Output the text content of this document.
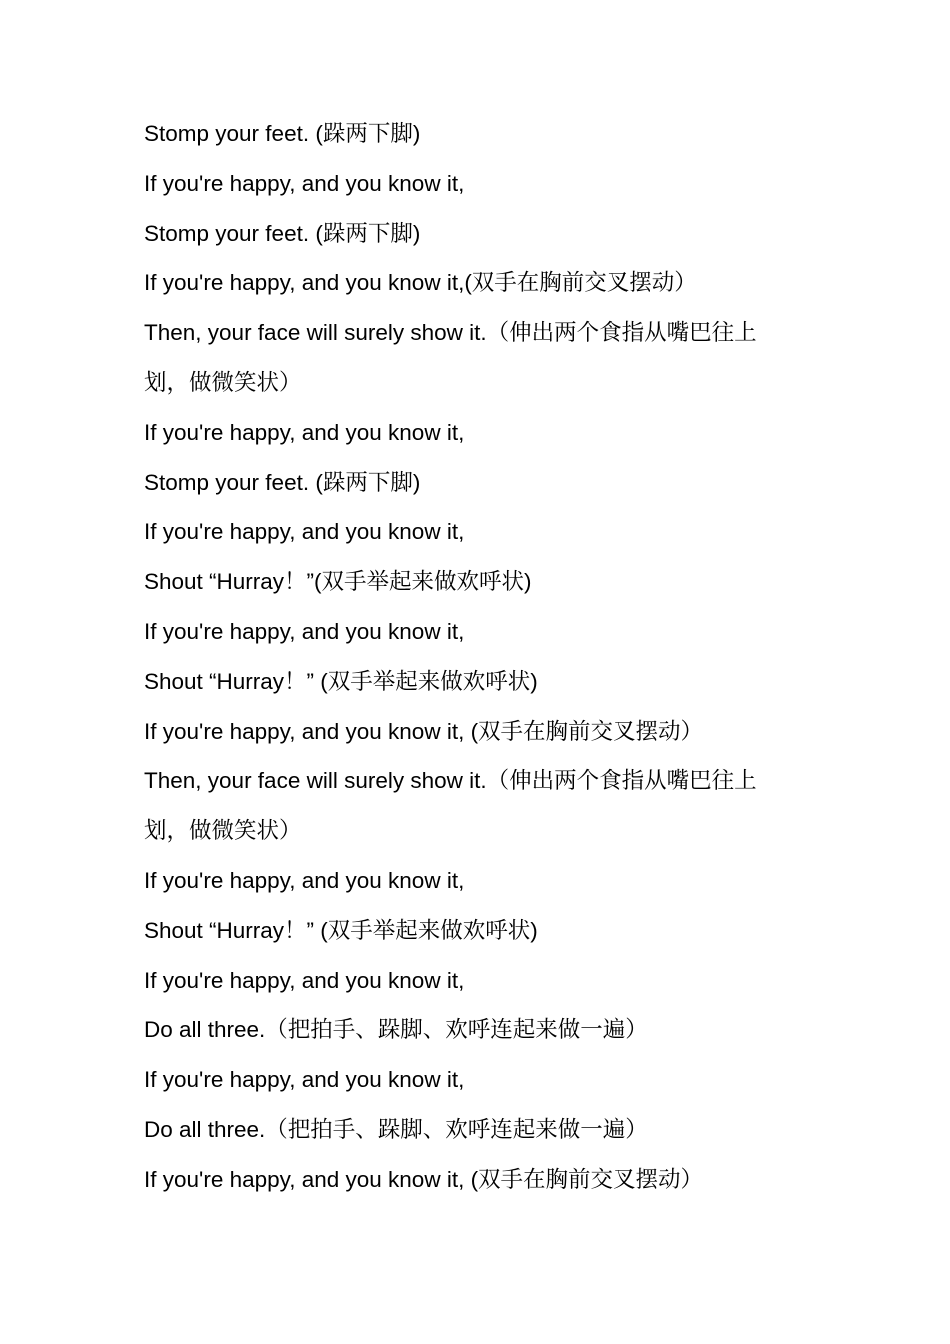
Stomp your feet. (跺两下脚)
If you're happy, and you know it,
Stomp your feet. (跺两下脚)
If you're happy, and you know it,(双手在胸前交叉摆动）
Then, your face will surely show it.（伸出两个食指从嘴巴往上
划，做微笑状）
If you're happy, and you know it,
Stomp your feet. (跺两下脚)
If you're happy, and you know it,
Shout “Hurray！”(双手举起来做欢呼状)
If you're happy, and you know it,
Shout “Hurray！” (双手举起来做欢呼状)
If you're happy, and you know it, (双手在胸前交叉摆动）
Then, your face will surely show it.（伸出两个食指从嘴巴往上
划，做微笑状）
If you're happy, and you know it,
Shout “Hurray！” (双手举起来做欢呼状)
If you're happy, and you know it,
Do all three.（把拍手、跺脚、欢呼连起来做一遍）
If you're happy, and you know it,
Do all three.（把拍手、跺脚、欢呼连起来做一遍）
If you're happy, and you know it, (双手在胸前交叉摆动）
